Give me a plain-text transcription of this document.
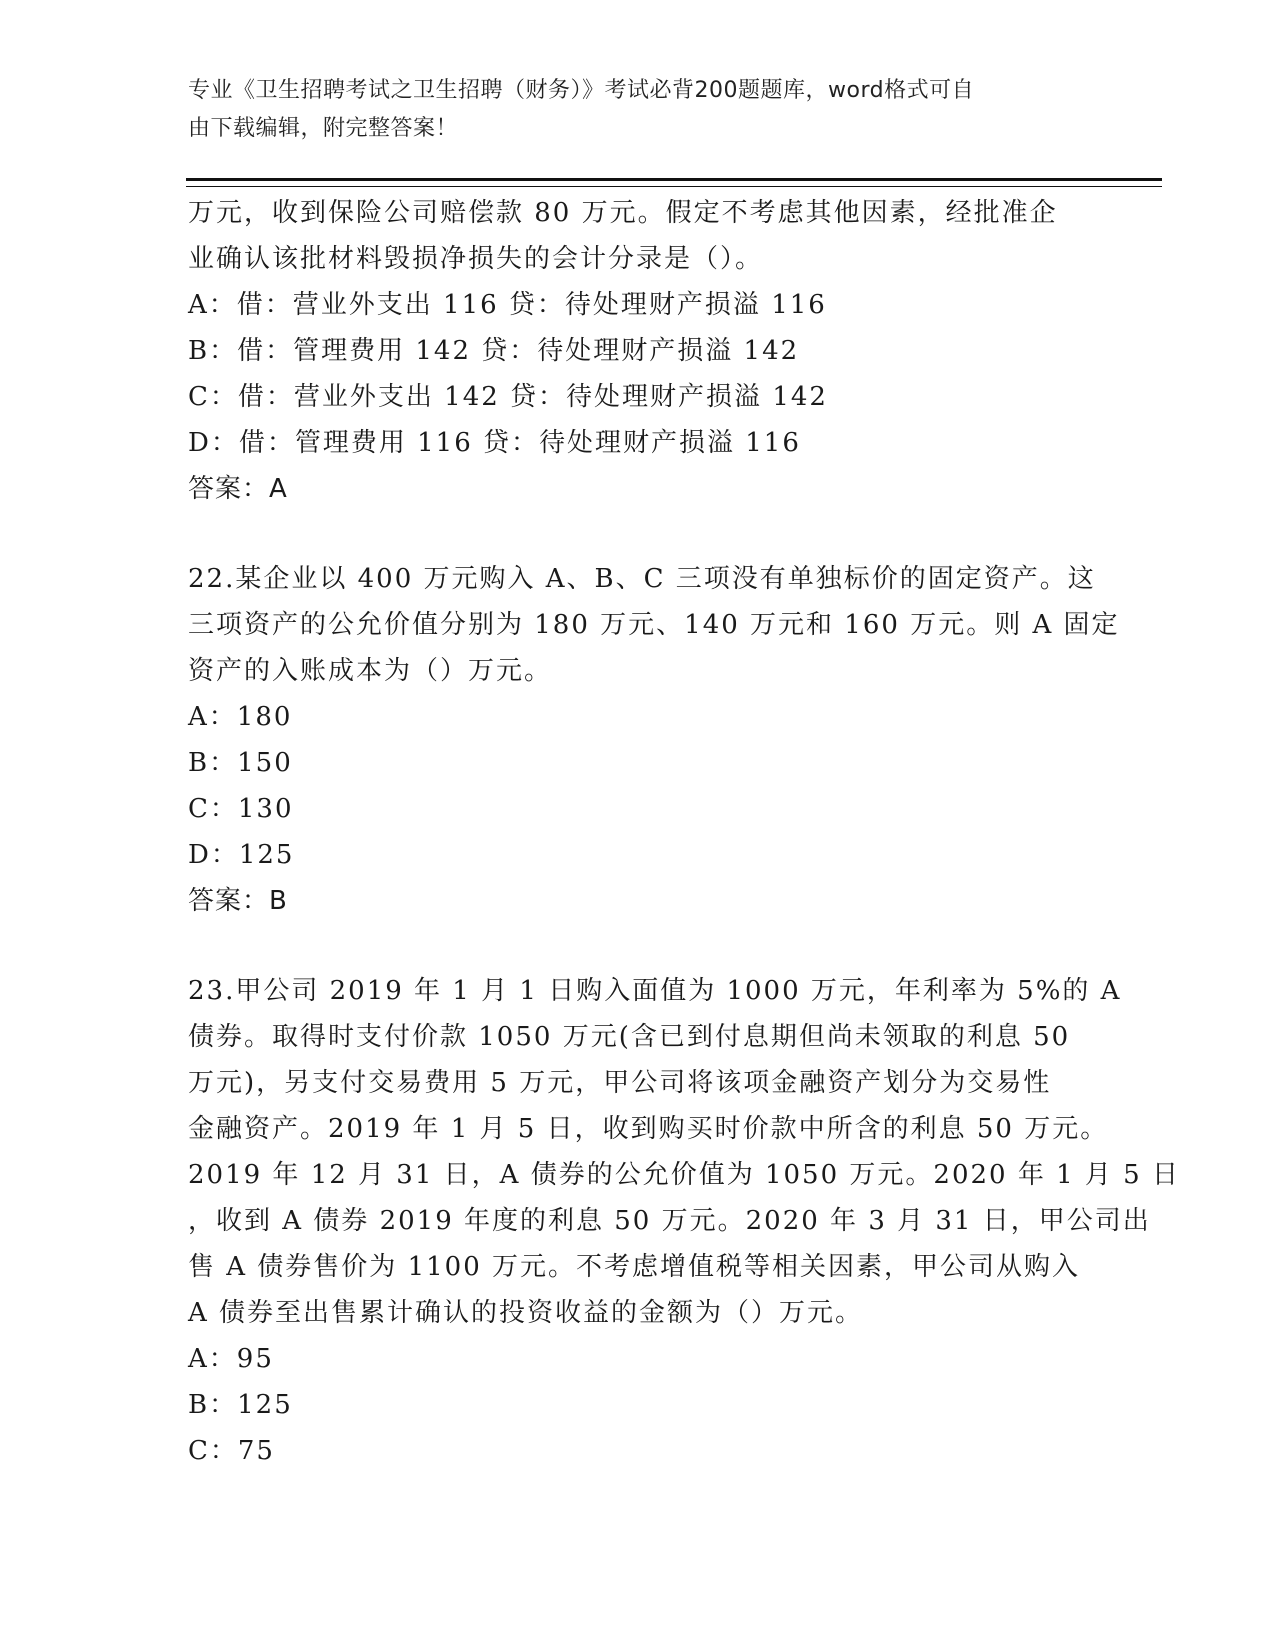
专业《卫生招聘考试之卫生招聘（财务）》考试必背200题题库，word格式可自
由下载编辑，附完整答案！
万元，收到保险公司赔偿款 80 万元。假定不考虑其他因素，经批准企
业确认该批材料毁损净损失的会计分录是（）。
A：借：营业外支出 116 贷：待处理财产损溢 116
B：借：管理费用 142 贷：待处理财产损溢 142
C：借：营业外支出 142 贷：待处理财产损溢 142
D：借：管理费用 116 贷：待处理财产损溢 116
答案：A
22.某企业以 400 万元购入 A、B、C 三项没有单独标价的固定资产。这
三项资产的公允价值分别为 180 万元、140 万元和 160 万元。则 A 固定
资产的入账成本为（）万元。
A：180
B：150
C：130
D：125
答案：B
23.甲公司 2019 年 1 月 1 日购入面值为 1000 万元，年利率为 5%的 A
债券。取得时支付价款 1050 万元(含已到付息期但尚未领取的利息 50
万元)，另支付交易费用 5 万元，甲公司将该项金融资产划分为交易性
金融资产。2019 年 1 月 5 日，收到购买时价款中所含的利息 50 万元。
2019 年 12 月 31 日，A 债券的公允价值为 1050 万元。2020 年 1 月 5 日
，收到 A 债券 2019 年度的利息 50 万元。2020 年 3 月 31 日，甲公司出
售 A 债券售价为 1100 万元。不考虑增值税等相关因素，甲公司从购入
A 债券至出售累计确认的投资收益的金额为（）万元。
A：95
B：125
C：75
